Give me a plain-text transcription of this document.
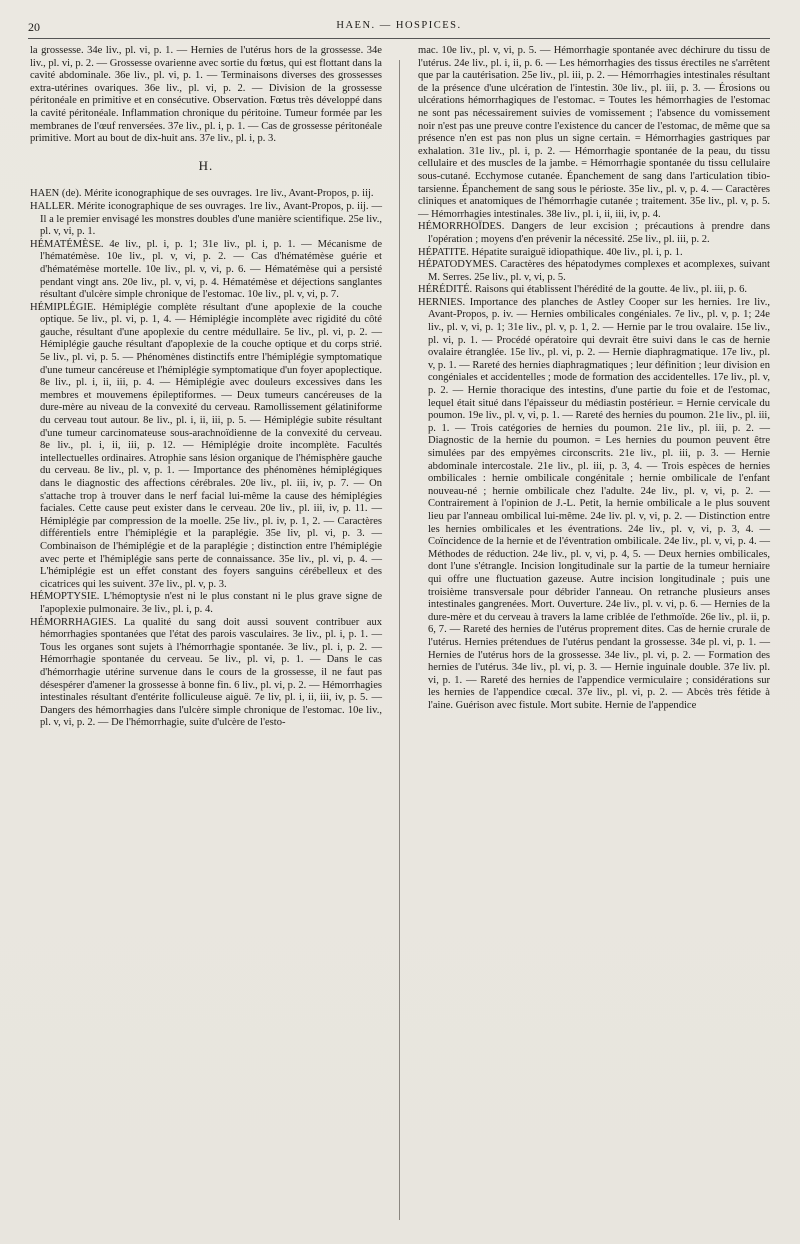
20	HAEN. — HOSPICES.

la grossesse. 34e liv., pl. vi, p. 1. — Hernies de l'utérus hors de la grossesse. 34e liv., pl. vi, p. 2. — Grossesse ovarienne avec sortie du fœtus, qui est flottant dans la cavité abdominale. 36e liv., pl. vi, p. 1. — Terminaisons diverses des grossesses extra-utérines ovariques. 36e liv., pl. vi, p. 2. — Division de la grossesse péritonéale en primitive et en consécutive. Observation. Fœtus très développé dans la cavité péritonéale. Inflammation chronique du péritoine. Tumeur formée par les membranes de l'œuf renversées. 37e liv., pl. i, p. 1. — Cas de grossesse péritonéale primitive. Mort au bout de dix-huit ans. 37e liv., pl. i, p. 3.

H.

HAEN (de). Mérite iconographique de ses ouvrages. 1re liv., Avant-Propos, p. iij.

HALLER. Mérite iconographique de ses ouvrages. 1re liv., Avant-Propos, p. iij. — Il a le premier envisagé les monstres doubles d'une manière scientifique. 25e liv., pl. v, vi, p. 1.

HÉMATÉMÈSE. 4e liv., pl. i, p. 1; 31e liv., pl. i, p. 1. — Mécanisme de l'hématémèse. 10e liv., pl. v, vi, p. 2. — Cas d'hématémèse guérie et d'hématémèse mortelle. 10e liv., pl. v, vi, p. 6. — Hématémèse qui a persisté pendant vingt ans. 20e liv., pl. v, vi, p. 4. Hématémèse et déjections sanglantes résultant d'ulcère simple chronique de l'estomac. 10e liv., pl. v, vi, p. 7.

HÉMIPLÉGIE. Hémiplégie complète résultant d'une apoplexie de la couche optique. 5e liv., pl. vi, p. 1, 4. — Hémiplégie incomplète avec rigidité du côté gauche, résultant d'une apoplexie du centre médullaire. 5e liv., pl. vi, p. 2. — Hémiplégie gauche résultant d'apoplexie de la couche optique et du corps strié. 5e liv., pl. vi, p. 5. — Phénomènes distinctifs entre l'hémiplégie symptomatique d'une tumeur cancéreuse et l'hémiplégie symptomatique d'un foyer apoplectique. 8e liv., pl. i, ii, iii, p. 4. — Hémiplégie avec douleurs excessives dans les membres et mouvemens épileptiformes. — Deux tumeurs cancéreuses de la dure-mère au niveau de la convexité du cerveau. Ramollissement gélatiniforme du cerveau tout autour. 8e liv., pl. i, ii, iii, p. 5. — Hémiplégie subite résultant d'une tumeur carcinomateuse sous-arachnoïdienne de la convexité du cerveau. 8e liv., pl. i, ii, iii, p. 12. — Hémiplégie droite incomplète. Facultés intellectuelles ordinaires. Atrophie sans lésion organique de l'hémisphère gauche du cerveau. 8e liv., pl. v, p. 1. — Importance des phénomènes hémiplégiques dans le diagnostic des affections cérébrales. 20e liv., pl. iii, iv, p. 7. — On s'attache trop à trouver dans le nerf facial lui-même la cause des hémiplégies faciales. Cette cause peut exister dans le cerveau. 20e liv., pl. iii, iv, p. 11. — Hémiplégie par compression de la moelle. 25e liv., pl. iv, p. 1, 2. — Caractères différentiels entre l'hémiplégie et la paraplégie. 35e liv, pl. vi, p. 3. — Combinaison de l'hémiplégie et de la paraplégie ; distinction entre l'hémiplégie avec perte et l'hémiplégie sans perte de connaissance. 35e liv., pl. vi, p. 4. — L'hémiplégie est un effet constant des foyers sanguins cérébelleux et des cicatrices qui les suivent. 37e liv., pl. v, p. 3.

HÉMOPTYSIE. L'hémoptysie n'est ni le plus constant ni le plus grave signe de l'apoplexie pulmonaire. 3e liv., pl. i, p. 4.

HÉMORRHAGIES. La qualité du sang doit aussi souvent contribuer aux hémorrhagies spontanées que l'état des parois vasculaires. 3e liv., pl. i, p. 1. — Tous les organes sont sujets à l'hémorrhagie spontanée. 3e liv., pl. i, p. 2. — Hémorrhagie spontanée du cerveau. 5e liv., pl. vi, p. 1. — Dans le cas d'hémorrhagie utérine survenue dans le cours de la grossesse, il ne faut pas désespérer d'amener la grossesse à bonne fin. 6 liv., pl. vi, p. 2. — Hémorrhagies intestinales résultant d'entérite folliculeuse aiguë. 7e liv, pl. i, ii, iii, iv, p. 5. — Dangers des hémorrhagies dans l'ulcère simple chronique de l'estomac. 10e liv., pl. v, vi, p. 2. — De l'hémorrhagie, suite d'ulcère de l'esto-

mac. 10e liv., pl. v, vi, p. 5. — Hémorrhagie spontanée avec déchirure du tissu de l'utérus. 24e liv., pl. i, ii, p. 6. — Les hémorrhagies des tissus érectiles ne s'arrêtent que par la cautérisation. 25e liv., pl. iii, p. 2. — Hémorrhagies intestinales résultant de la présence d'une ulcération de l'intestin. 30e liv., pl. iii, p. 3. — Érosions ou ulcérations hémorrhagiques de l'estomac. = Toutes les hémorrhagies de l'estomac ne sont pas nécessairement suivies de vomissement ; l'absence du vomissement noir n'est pas une preuve contre l'existence du cancer de l'estomac, de même que sa présence n'en est pas non plus un signe certain. = Hémorrhagies gastriques par exhalation. 31e liv., pl. i, p. 2. — Hémorrhagie spontanée de la peau, du tissu cellulaire et des muscles de la jambe. = Hémorrhagie spontanée du tissu cellulaire sous-cutané. Ecchymose cutanée. Épanchement de sang dans l'articulation tibio-tarsienne. Épanchement de sang sous le périoste. 35e liv., pl. v, p. 4. — Caractères cliniques et anatomiques de l'hémorrhagie cutanée ; traitement. 35e liv., pl. v, p. 5. — Hémorrhagies intestinales. 38e liv., pl. i, ii, iii, iv, p. 4.

HÉMORRHOÏDES. Dangers de leur excision ; précautions à prendre dans l'opération ; moyens d'en prévenir la nécessité. 25e liv., pl. iii, p. 2.

HÉPATITE. Hépatite suraiguë idiopathique. 40e liv., pl. i, p. 1.

HÉPATODYMES. Caractères des hépatodymes complexes et acomplexes, suivant M. Serres. 25e liv., pl. v, vi, p. 5.

HÉRÉDITÉ. Raisons qui établissent l'hérédité de la goutte. 4e liv., pl. iii, p. 6.

HERNIES. Importance des planches de Astley Cooper sur les hernies. 1re liv., Avant-Propos, p. iv. — Hernies ombilicales congéniales. 7e liv., pl. v, p. 1; 24e liv., pl. v, vi, p. 1; 31e liv., pl. v, p. 1, 2. — Hernie par le trou ovalaire. 15e liv., pl. vi, p. 1. — Procédé opératoire qui devrait être suivi dans le cas de hernie ovalaire étranglée. 15e liv., pl. vi, p. 2. — Hernie diaphragmatique. 17e liv., pl. v, p. 1. — Rareté des hernies diaphragmatiques ; leur définition ; leur division en congéniales et accidentelles ; mode de formation des accidentelles. 17e liv., pl. v, p. 2. — Hernie thoracique des intestins, d'une partie du foie et de l'estomac, lequel était situé dans l'épaisseur du médiastin postérieur. = Hernie cervicale du poumon. 19e liv., pl. v, vi, p. 1. — Rareté des hernies du poumon. 21e liv., pl. iii, p. 1. — Trois catégories de hernies du poumon. 21e liv., pl. iii, p. 2. — Diagnostic de la hernie du poumon. = Les hernies du poumon peuvent être simulées par des empyèmes circonscrits. 21e liv., pl. iii, p. 3. — Hernie abdominale intercostale. 21e liv., pl. iii, p. 3, 4. — Trois espèces de hernies ombilicales : hernie ombilicale congénitale ; hernie ombilicale de l'enfant nouveau-né ; hernie ombilicale chez l'adulte. 24e liv., pl. v, vi, p. 2. — Contrairement à l'opinion de J.-L. Petit, la hernie ombilicale a le plus souvent lieu par l'anneau ombilical lui-même. 24e liv. pl. v, vi, p. 2. — Distinction entre les hernies ombilicales et les éventrations. 24e liv., pl. v, vi, p. 3, 4. — Coïncidence de la hernie et de l'éventration ombilicale. 24e liv., pl. v, vi, p. 4. — Méthodes de réduction. 24e liv., pl. v, vi, p. 4, 5. — Deux hernies ombilicales, dont l'une s'étrangle. Incision longitudinale sur la partie de la tumeur herniaire qui offre une fluctuation gazeuse. Autre incision longitudinale ; puis une troisième transversale pour débrider l'anneau. On retranche plusieurs anses intestinales gangrenées. Mort. Ouverture. 24e liv., pl. v. vi, p. 6. — Hernies de la dure-mère et du cerveau à travers la lame criblée de l'ethmoïde. 26e liv., pl. ii, p. 6, 7. — Rareté des hernies de l'utérus proprement dites. Cas de hernie crurale de l'utérus. Hernies prétendues de l'utérus pendant la grossesse. 34e pl. vi, p. 1. — Hernies de l'utérus hors de la grossesse. 34e liv., pl. vi, p. 2. — Formation des hernies de l'utérus. 34e liv., pl. vi, p. 3. — Hernie inguinale double. 37e liv. pl. vi, p. 1. — Rareté des hernies de l'appendice vermiculaire ; considérations sur les hernies de l'appendice cœcal. 37e liv., pl. vi, p. 2. — Abcès très fétide à l'aine. Guérison avec fistule. Mort subite. Hernie de l'appendice
